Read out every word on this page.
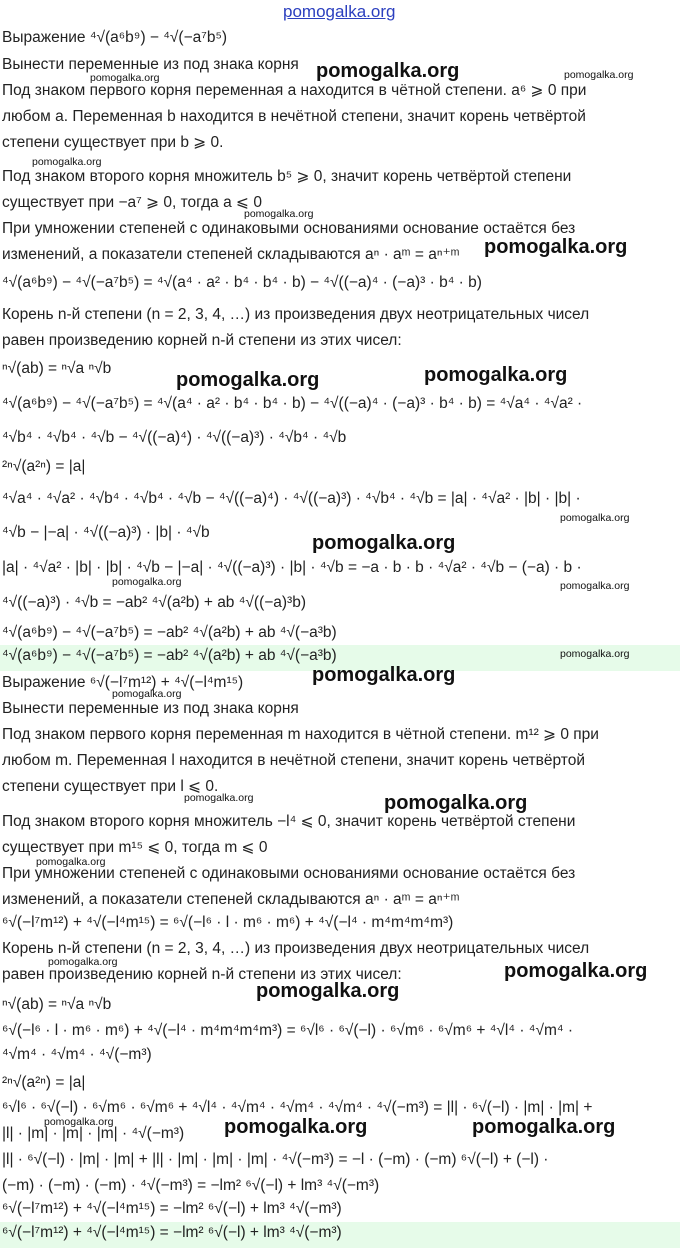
pomogalka.org
Выражение ⁴√(a⁶b⁹) − ⁴√(−a⁷b⁵)
Вынести переменные из под знака корня
Под знаком первого корня переменная a находится в чётной степени. a⁶ ⩾ 0 при
любом a. Переменная b находится в нечётной степени, значит корень четвёртой
степени существует при b ⩾ 0.
Под знаком второго корня множитель b⁵ ⩾ 0, значит корень четвёртой степени
существует при −a⁷ ⩾ 0, тогда a ⩽ 0
При умножении степеней с одинаковыми основаниями основание остаётся без
изменений, а показатели степеней складываются aⁿ · aᵐ = aⁿ⁺ᵐ
⁴√(a⁶b⁹) − ⁴√(−a⁷b⁵) = ⁴√(a⁴ · a² · b⁴ · b⁴ · b) − ⁴√((−a)⁴ · (−a)³ · b⁴ · b)
Корень n-й степени (n = 2, 3, 4, …) из произведения двух неотрицательных чисел
равен произведению корней n-й степени из этих чисел:
ⁿ√(ab) = ⁿ√a ⁿ√b
⁴√(a⁶b⁹) − ⁴√(−a⁷b⁵) = ⁴√(a⁴ · a² · b⁴ · b⁴ · b) − ⁴√((−a)⁴ · (−a)³ · b⁴ · b) = ⁴√a⁴ · ⁴√a² ·
⁴√b⁴ · ⁴√b⁴ · ⁴√b − ⁴√((−a)⁴) · ⁴√((−a)³) · ⁴√b⁴ · ⁴√b
²ⁿ√(a²ⁿ) = |a|
⁴√a⁴ · ⁴√a² · ⁴√b⁴ · ⁴√b⁴ · ⁴√b − ⁴√((−a)⁴) · ⁴√((−a)³) · ⁴√b⁴ · ⁴√b = |a| · ⁴√a² · |b| · |b| ·
⁴√b − |−a| · ⁴√((−a)³) · |b| · ⁴√b
|a| · ⁴√a² · |b| · |b| · ⁴√b − |−a| · ⁴√((−a)³) · |b| · ⁴√b = −a · b · b · ⁴√a² · ⁴√b − (−a) · b ·
⁴√((−a)³) · ⁴√b = −ab² ⁴√(a²b) + ab ⁴√((−a)³b)
⁴√(a⁶b⁹) − ⁴√(−a⁷b⁵) = −ab² ⁴√(a²b) + ab ⁴√(−a³b)
⁴√(a⁶b⁹) − ⁴√(−a⁷b⁵) = −ab² ⁴√(a²b) + ab ⁴√(−a³b)
Выражение ⁶√(−l⁷m¹²) + ⁴√(−l⁴m¹⁵)
Вынести переменные из под знака корня
Под знаком первого корня переменная m находится в чётной степени. m¹² ⩾ 0 при
любом m. Переменная l находится в нечётной степени, значит корень четвёртой
степени существует при l ⩽ 0.
Под знаком второго корня множитель −l⁴ ⩽ 0, значит корень четвёртой степени
существует при m¹⁵ ⩽ 0, тогда m ⩽ 0
При умножении степеней с одинаковыми основаниями основание остаётся без
изменений, а показатели степеней складываются aⁿ · aᵐ = aⁿ⁺ᵐ
⁶√(−l⁷m¹²) + ⁴√(−l⁴m¹⁵) = ⁶√(−l⁶ · l · m⁶ · m⁶) + ⁴√(−l⁴ · m⁴m⁴m⁴m³)
Корень n-й степени (n = 2, 3, 4, …) из произведения двух неотрицательных чисел
равен произведению корней n-й степени из этих чисел:
ⁿ√(ab) = ⁿ√a ⁿ√b
⁶√(−l⁶ · l · m⁶ · m⁶) + ⁴√(−l⁴ · m⁴m⁴m⁴m³) = ⁶√l⁶ · ⁶√(−l) · ⁶√m⁶ · ⁶√m⁶ + ⁴√l⁴ · ⁴√m⁴ ·
⁴√m⁴ · ⁴√m⁴ · ⁴√(−m³)
²ⁿ√(a²ⁿ) = |a|
⁶√l⁶ · ⁶√(−l) · ⁶√m⁶ · ⁶√m⁶ + ⁴√l⁴ · ⁴√m⁴ · ⁴√m⁴ · ⁴√m⁴ · ⁴√(−m³) = |l| · ⁶√(−l) · |m| · |m| +
|l| · |m| · |m| · |m| · ⁴√(−m³)
|l| · ⁶√(−l) · |m| · |m| + |l| · |m| · |m| · |m| · ⁴√(−m³) = −l · (−m) · (−m) ⁶√(−l) + (−l) ·
(−m) · (−m) · (−m) · ⁴√(−m³) = −lm² ⁶√(−l) + lm³ ⁴√(−m³)
⁶√(−l⁷m¹²) + ⁴√(−l⁴m¹⁵) = −lm² ⁶√(−l) + lm³ ⁴√(−m³)
⁶√(−l⁷m¹²) + ⁴√(−l⁴m¹⁵) = −lm² ⁶√(−l) + lm³ ⁴√(−m³)
pomogalka.org
pomogalka.org	pomogalka.org
pomogalka.org
pomogalka.org
pomogalka.org
pomogalka.org	pomogalka.org
pomogalka.org
pomogalka.org
pomogalka.org	pomogalka.org
pomogalka.org
pomogalka.org
pomogalka.org
pomogalka.org	pomogalka.org
pomogalka.org
pomogalka.org	pomogalka.org
pomogalka.org
pomogalka.org	pomogalka.org	pomogalka.org
